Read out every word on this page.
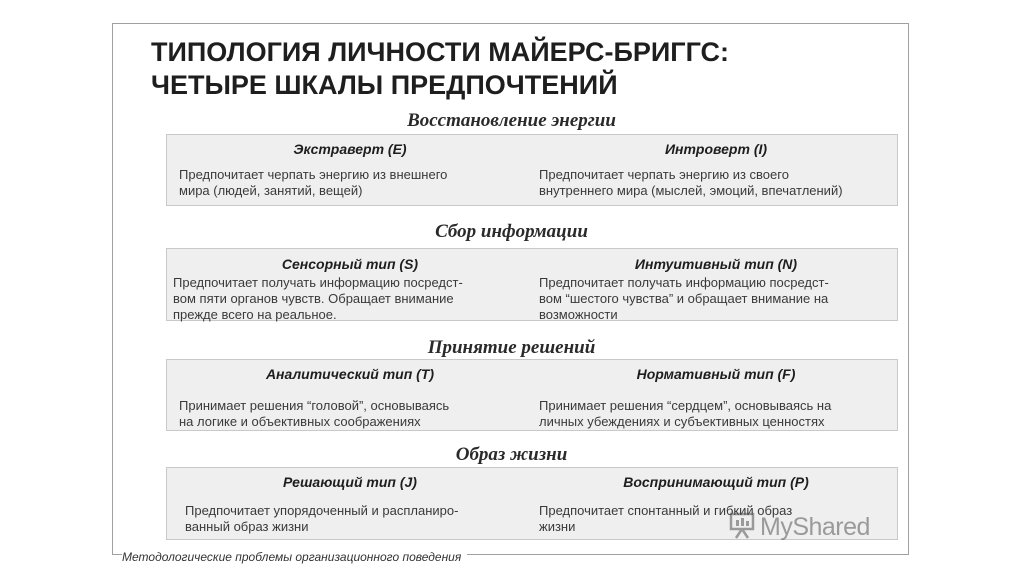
ТИПОЛОГИЯ ЛИЧНОСТИ МАЙЕРС-БРИГГС:
ЧЕТЫРЕ ШКАЛЫ ПРЕДПОЧТЕНИЙ
Восстановление энергии
Экстраверт (E)
Предпочитает черпать энергию из внешнего
мира (людей, занятий, вещей)
Интроверт (I)
Предпочитает черпать энергию из своего
внутреннего мира (мыслей, эмоций, впечатлений)
Сбор информации
Сенсорный тип (S)
Предпочитает получать информацию посредст-
вом пяти органов чувств. Обращает внимание
прежде всего на реальное.
Интуитивный тип (N)
Предпочитает получать информацию посредст-
вом “шестого чувства” и обращает внимание на
возможности
Принятие решений
Аналитический тип (T)
Принимает решения “головой”, основываясь
на логике и объективных соображениях
Нормативный тип (F)
Принимает решения “сердцем”, основываясь на
личных убеждениях и субъективных ценностях
Образ жизни
Решающий тип (J)
Предпочитает упорядоченный и распланиро-
ванный образ жизни
Воспринимающий тип (P)
Предпочитает спонтанный и гибкий образ
жизни
Методологические проблемы организационного поведения
MyShared
